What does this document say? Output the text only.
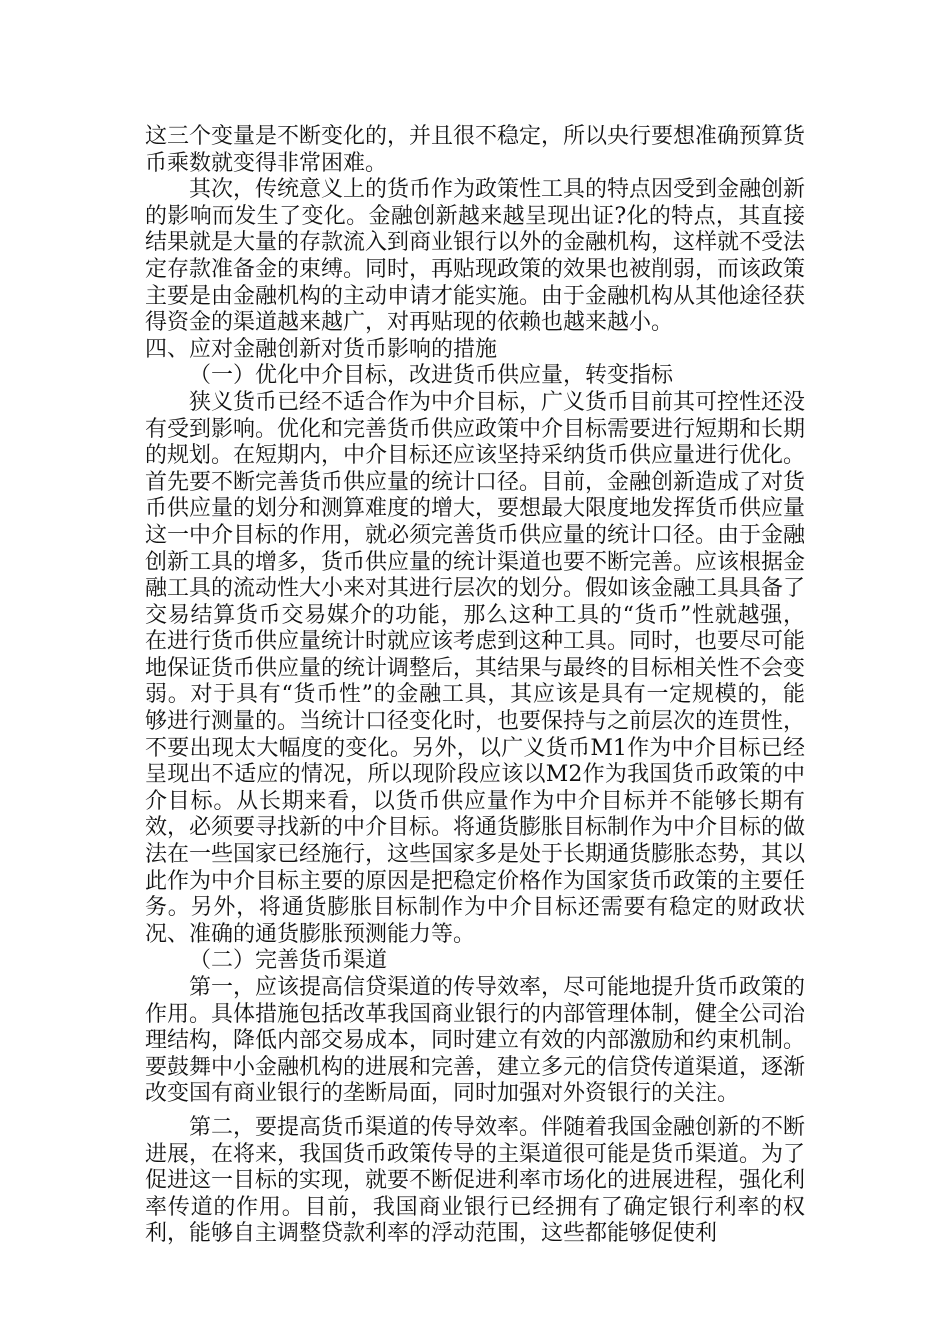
这三个变量是不断变化的，并且很不稳定，所以央行要想准确预算货币乘数就变得非常困难。

其次，传统意义上的货币作为政策性工具的特点因受到金融创新的影响而发生了变化。金融创新越来越呈现出证?化的特点，其直接结果就是大量的存款流入到商业银行以外的金融机构，这样就不受法定存款准备金的束缚。同时，再贴现政策的效果也被削弱，而该政策主要是由金融机构的主动申请才能实施。由于金融机构从其他途径获得资金的渠道越来越广，对再贴现的依赖也越来越小。

四、应对金融创新对货币影响的措施

（一）优化中介目标，改进货币供应量，转变指标

狭义货币已经不适合作为中介目标，广义货币目前其可控性还没有受到影响。优化和完善货币供应政策中介目标需要进行短期和长期的规划。在短期内，中介目标还应该坚持采纳货币供应量进行优化。首先要不断完善货币供应量的统计口径。目前，金融创新造成了对货币供应量的划分和测算难度的增大，要想最大限度地发挥货币供应量这一中介目标的作用，就必须完善货币供应量的统计口径。由于金融创新工具的增多，货币供应量的统计渠道也要不断完善。应该根据金融工具的流动性大小来对其进行层次的划分。假如该金融工具具备了交易结算货币交易媒介的功能，那么这种工具的“货币”性就越强，在进行货币供应量统计时就应该考虑到这种工具。同时，也要尽可能地保证货币供应量的统计调整后，其结果与最终的目标相关性不会变弱。对于具有“货币性”的金融工具，其应该是具有一定规模的，能够进行测量的。当统计口径变化时，也要保持与之前层次的连贯性，不要出现太大幅度的变化。另外，以广义货币M1作为中介目标已经呈现出不适应的情况，所以现阶段应该以M2作为我国货币政策的中介目标。从长期来看，以货币供应量作为中介目标并不能够长期有效，必须要寻找新的中介目标。将通货膨胀目标制作为中介目标的做法在一些国家已经施行，这些国家多是处于长期通货膨胀态势，其以此作为中介目标主要的原因是把稳定价格作为国家货币政策的主要任务。另外，将通货膨胀目标制作为中介目标还需要有稳定的财政状况、准确的通货膨胀预测能力等。

（二）完善货币渠道

第一，应该提高信贷渠道的传导效率，尽可能地提升货币政策的作用。具体措施包括改革我国商业银行的内部管理体制，健全公司治理结构，降低内部交易成本，同时建立有效的内部激励和约束机制。要鼓舞中小金融机构的进展和完善，建立多元的信贷传道渠道，逐渐改变国有商业银行的垄断局面，同时加强对外资银行的关注。

第二，要提高货币渠道的传导效率。伴随着我国金融创新的不断进展，在将来，我国货币政策传导的主渠道很可能是货币渠道。为了促进这一目标的实现，就要不断促进利率市场化的进展进程，强化利率传道的作用。目前，我国商业银行已经拥有了确定银行利率的权利，能够自主调整贷款利率的浮动范围，这些都能够促使利
